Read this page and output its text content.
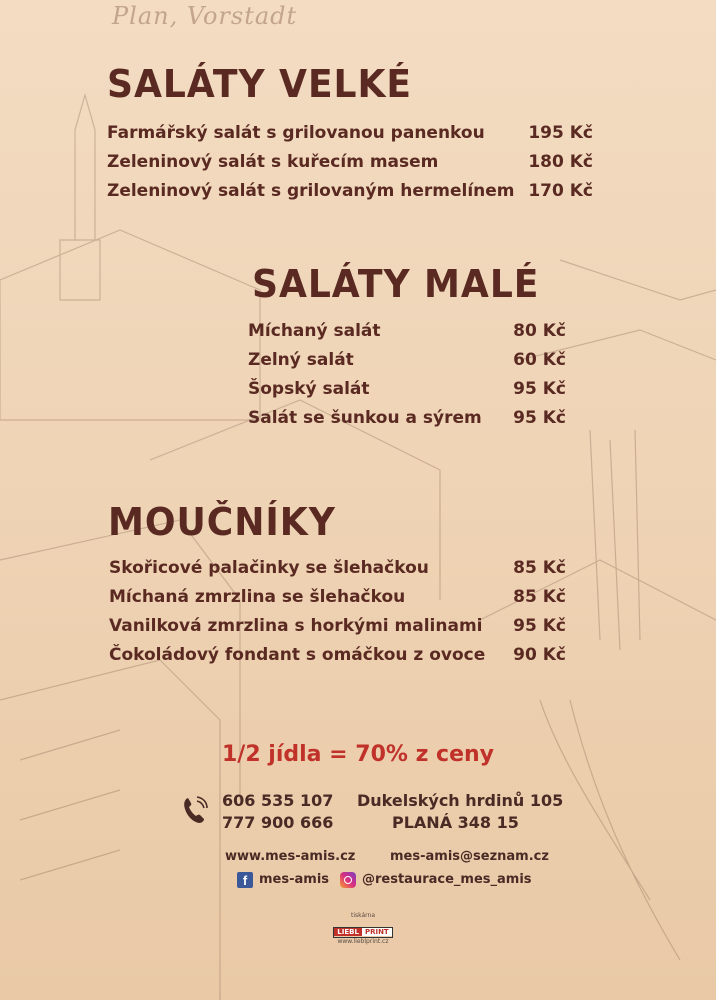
Plan, Vorstadt
SALÁTY VELKÉ
Farmářský salát s grilovanou panenkou	195 Kč
Zeleninový salát s kuřecím masem	180 Kč
Zeleninový salát s grilovaným hermelínem 170 Kč
SALÁTY MALÉ
Míchaný salát	80 Kč
Zelný salát	60 Kč
Šopský salát	95 Kč
Salát se šunkou a sýrem 95 Kč
MOUČNÍKY
Skořicové palačinky se šlehačkou	85 Kč
Míchaná zmrzlina se šlehačkou	85 Kč
Vanilková zmrzlina s horkými malinami 95 Kč
Čokoládový fondant s omáčkou z ovoce 90 Kč
1/2 jídla = 70% z ceny
606 535 107
777 900 666
Dukelských hrdinů 105
PLANÁ 348 15
www.mes-amis.cz	mes-amis@seznam.cz
f mes-amis	@restaurace_mes_amis
tiskárna
LIEBL PRINT
www.lieblprint.cz
